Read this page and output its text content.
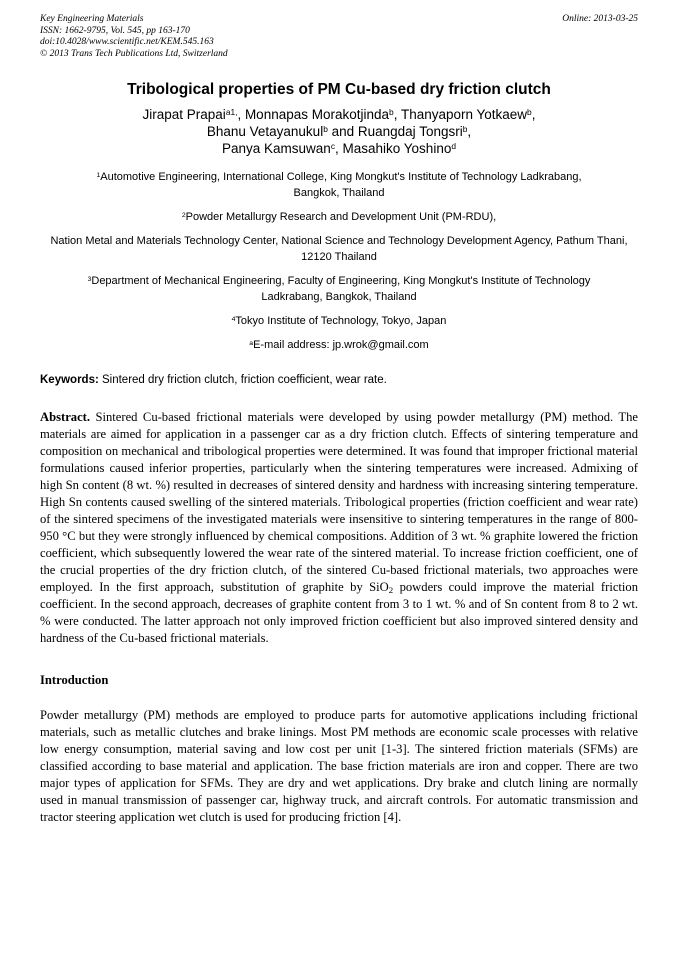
Key Engineering Materials
ISSN: 1662-9795, Vol. 545, pp 163-170
doi:10.4028/www.scientific.net/KEM.545.163
© 2013 Trans Tech Publications Ltd, Switzerland
Online: 2013-03-25
Tribological properties of PM Cu-based dry friction clutch
Jirapat Prapai$^{a1,}$, Monnapas Morakotjinda$^b$, Thanyaporn Yotkaew$^b$,
Bhanu Vetayanukul$^b$ and Ruangdaj Tongsri$^b$,
Panya Kamsuwan$^c$, Masahiko Yoshino$^d$
$^1$Automotive Engineering, International College, King Mongkut's Institute of Technology Ladkrabang, Bangkok, Thailand
$^2$Powder Metallurgy Research and Development Unit (PM-RDU),
Nation Metal and Materials Technology Center, National Science and Technology Development Agency, Pathum Thani, 12120 Thailand
$^3$Department of Mechanical Engineering, Faculty of Engineering, King Mongkut's Institute of Technology Ladkrabang, Bangkok, Thailand
$^4$Tokyo Institute of Technology, Tokyo, Japan
$^a$E-mail address: jp.wrok@gmail.com

Keywords: Sintered dry friction clutch, friction coefficient, wear rate.

Abstract. Sintered Cu-based frictional materials were developed by using powder metallurgy (PM) method. The materials are aimed for application in a passenger car as a dry friction clutch. Effects of sintering temperature and composition on mechanical and tribological properties were determined. It was found that improper frictional material formulations caused inferior properties, particularly when the sintering temperatures were increased. Admixing of high Sn content (8 wt. %) resulted in decreases of sintered density and hardness with increasing sintering temperature. High Sn contents caused swelling of the sintered materials. Tribological properties (friction coefficient and wear rate) of the sintered specimens of the investigated materials were insensitive to sintering temperatures in the range of 800-950 °C but they were strongly influenced by chemical compositions. Addition of 3 wt. % graphite lowered the friction coefficient, which subsequently lowered the wear rate of the sintered material. To increase friction coefficient, one of the crucial properties of the dry friction clutch, of the sintered Cu-based frictional materials, two approaches were employed. In the first approach, substitution of graphite by SiO$_2$ powders could improve the material friction coefficient. In the second approach, decreases of graphite content from 3 to 1 wt. % and of Sn content from 8 to 2 wt. % were conducted. The latter approach not only improved friction coefficient but also improved sintered density and hardness of the Cu-based frictional materials.

Introduction

Powder metallurgy (PM) methods are employed to produce parts for automotive applications including frictional materials, such as metallic clutches and brake linings. Most PM methods are economic scale processes with relative low energy consumption, material saving and low cost per unit [1-3]. The sintered friction materials (SFMs) are classified according to base material and application. The base friction materials are iron and copper. There are two major types of application for SFMs. They are dry and wet applications. Dry brake and clutch lining are normally used in manual transmission of passenger car, highway truck, and aircraft controls. For automatic transmission and tractor steering application wet clutch is used for producing friction [4].
